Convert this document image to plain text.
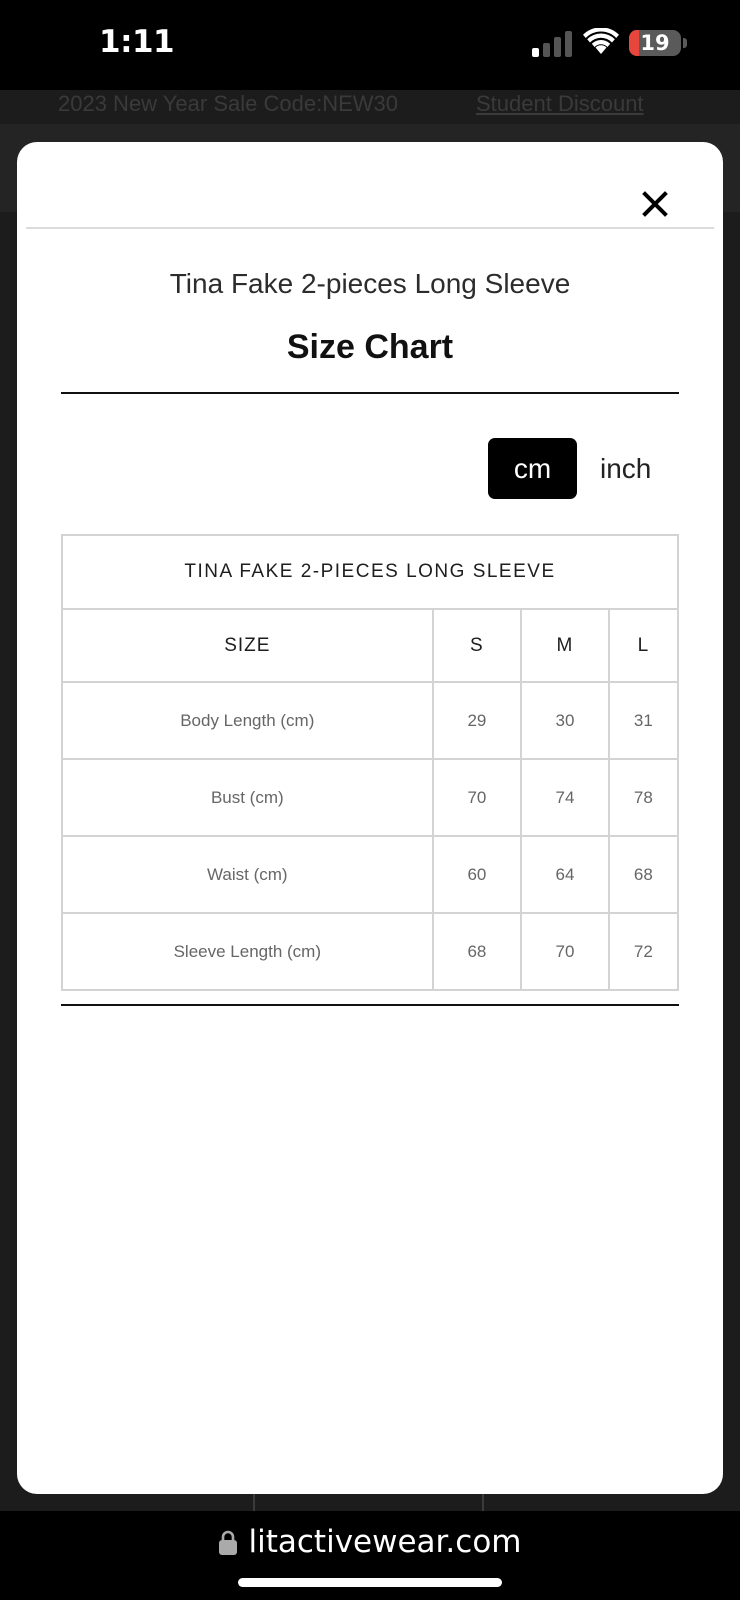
1:11	19
2023 New Year Sale Code:NEW30	Student Discount
Tina Fake 2-pieces Long Sleeve
Size Chart
cm	inch
TINA FAKE 2-PIECES LONG SLEEVE			
SIZE	S	M	L
Body Length (cm)	29	30	31
Bust (cm)	70	74	78
Waist (cm)	60	64	68
Sleeve Length (cm)	68	70	72
litactivewear.com
